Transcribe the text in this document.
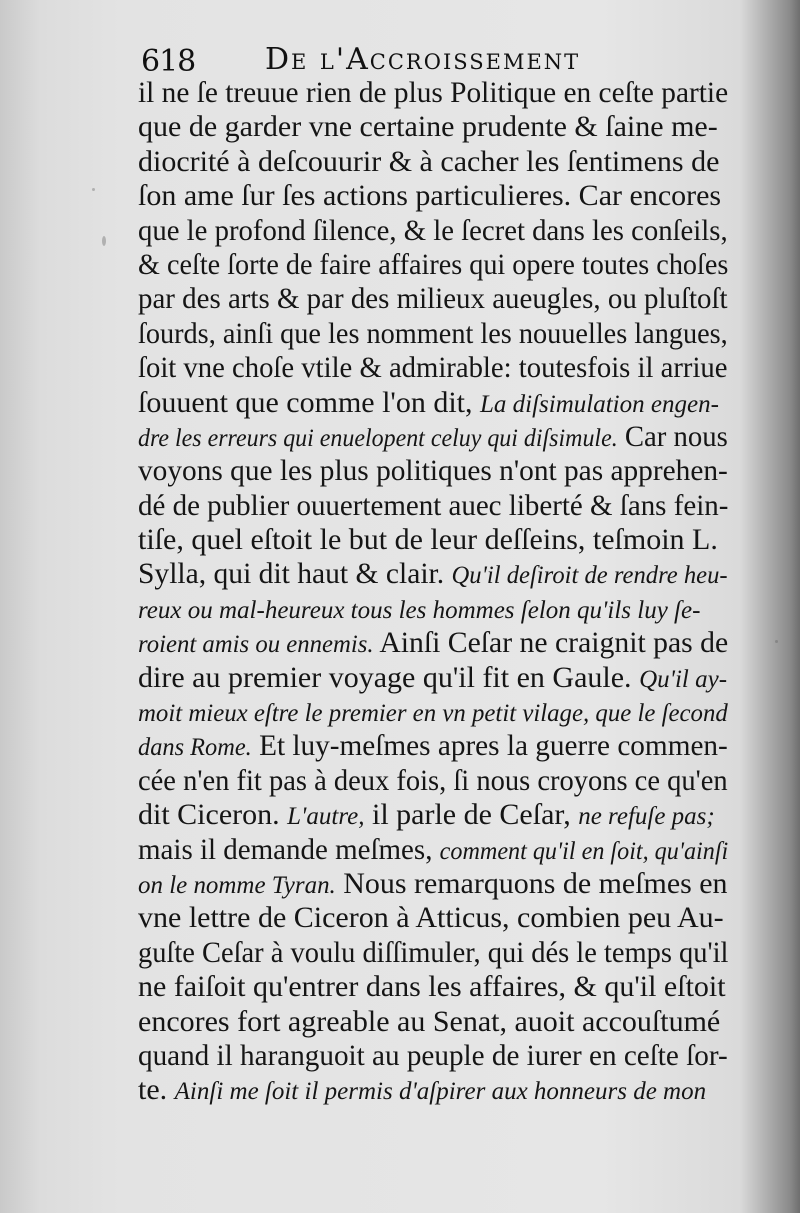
618 De l'Accroissement
il ne ſe treuue rien de plus Politique en ceſte partie
que de garder vne certaine prudente & ſaine me-
diocrité à deſcouurir & à cacher les ſentimens de
ſon ame ſur ſes actions particulieres. Car encores
que le profond ſilence, & le ſecret dans les conſeils,
& ceſte ſorte de faire affaires qui opere toutes choſes
par des arts & par des milieux aueugles, ou pluſtoſt
ſourds, ainſi que les nomment les nouuelles langues,
ſoit vne choſe vtile & admirable: toutesfois il arriue
ſouuent que comme l'on dit, La diſsimulation engen-
dre les erreurs qui enuelopent celuy qui diſsimule. Car nous
voyons que les plus politiques n'ont pas apprehen-
dé de publier ouuertement auec liberté & ſans fein-
tiſe, quel eſtoit le but de leur deſſeins, teſmoin L.
Sylla, qui dit haut & clair. Qu'il deſiroit de rendre heu-
reux ou mal-heureux tous les hommes ſelon qu'ils luy ſe-
roient amis ou ennemis. Ainſi Ceſar ne craignit pas de
dire au premier voyage qu'il fit en Gaule. Qu'il ay-
moit mieux eſtre le premier en vn petit vilage, que le ſecond
dans Rome. Et luy-meſmes apres la guerre commen-
cée n'en fit pas à deux fois, ſi nous croyons ce qu'en
dit Ciceron. L'autre, il parle de Ceſar, ne refuſe pas;
mais il demande meſmes, comment qu'il en ſoit, qu'ainſi
on le nomme Tyran. Nous remarquons de meſmes en
vne lettre de Ciceron à Atticus, combien peu Au-
guſte Ceſar à voulu diſſimuler, qui dés le temps qu'il
ne faiſoit qu'entrer dans les affaires, & qu'il eſtoit
encores fort agreable au Senat, auoit accouſtumé
quand il haranguoit au peuple de iurer en ceſte ſor-
te. Ainſi me ſoit il permis d'aſpirer aux honneurs de mon
